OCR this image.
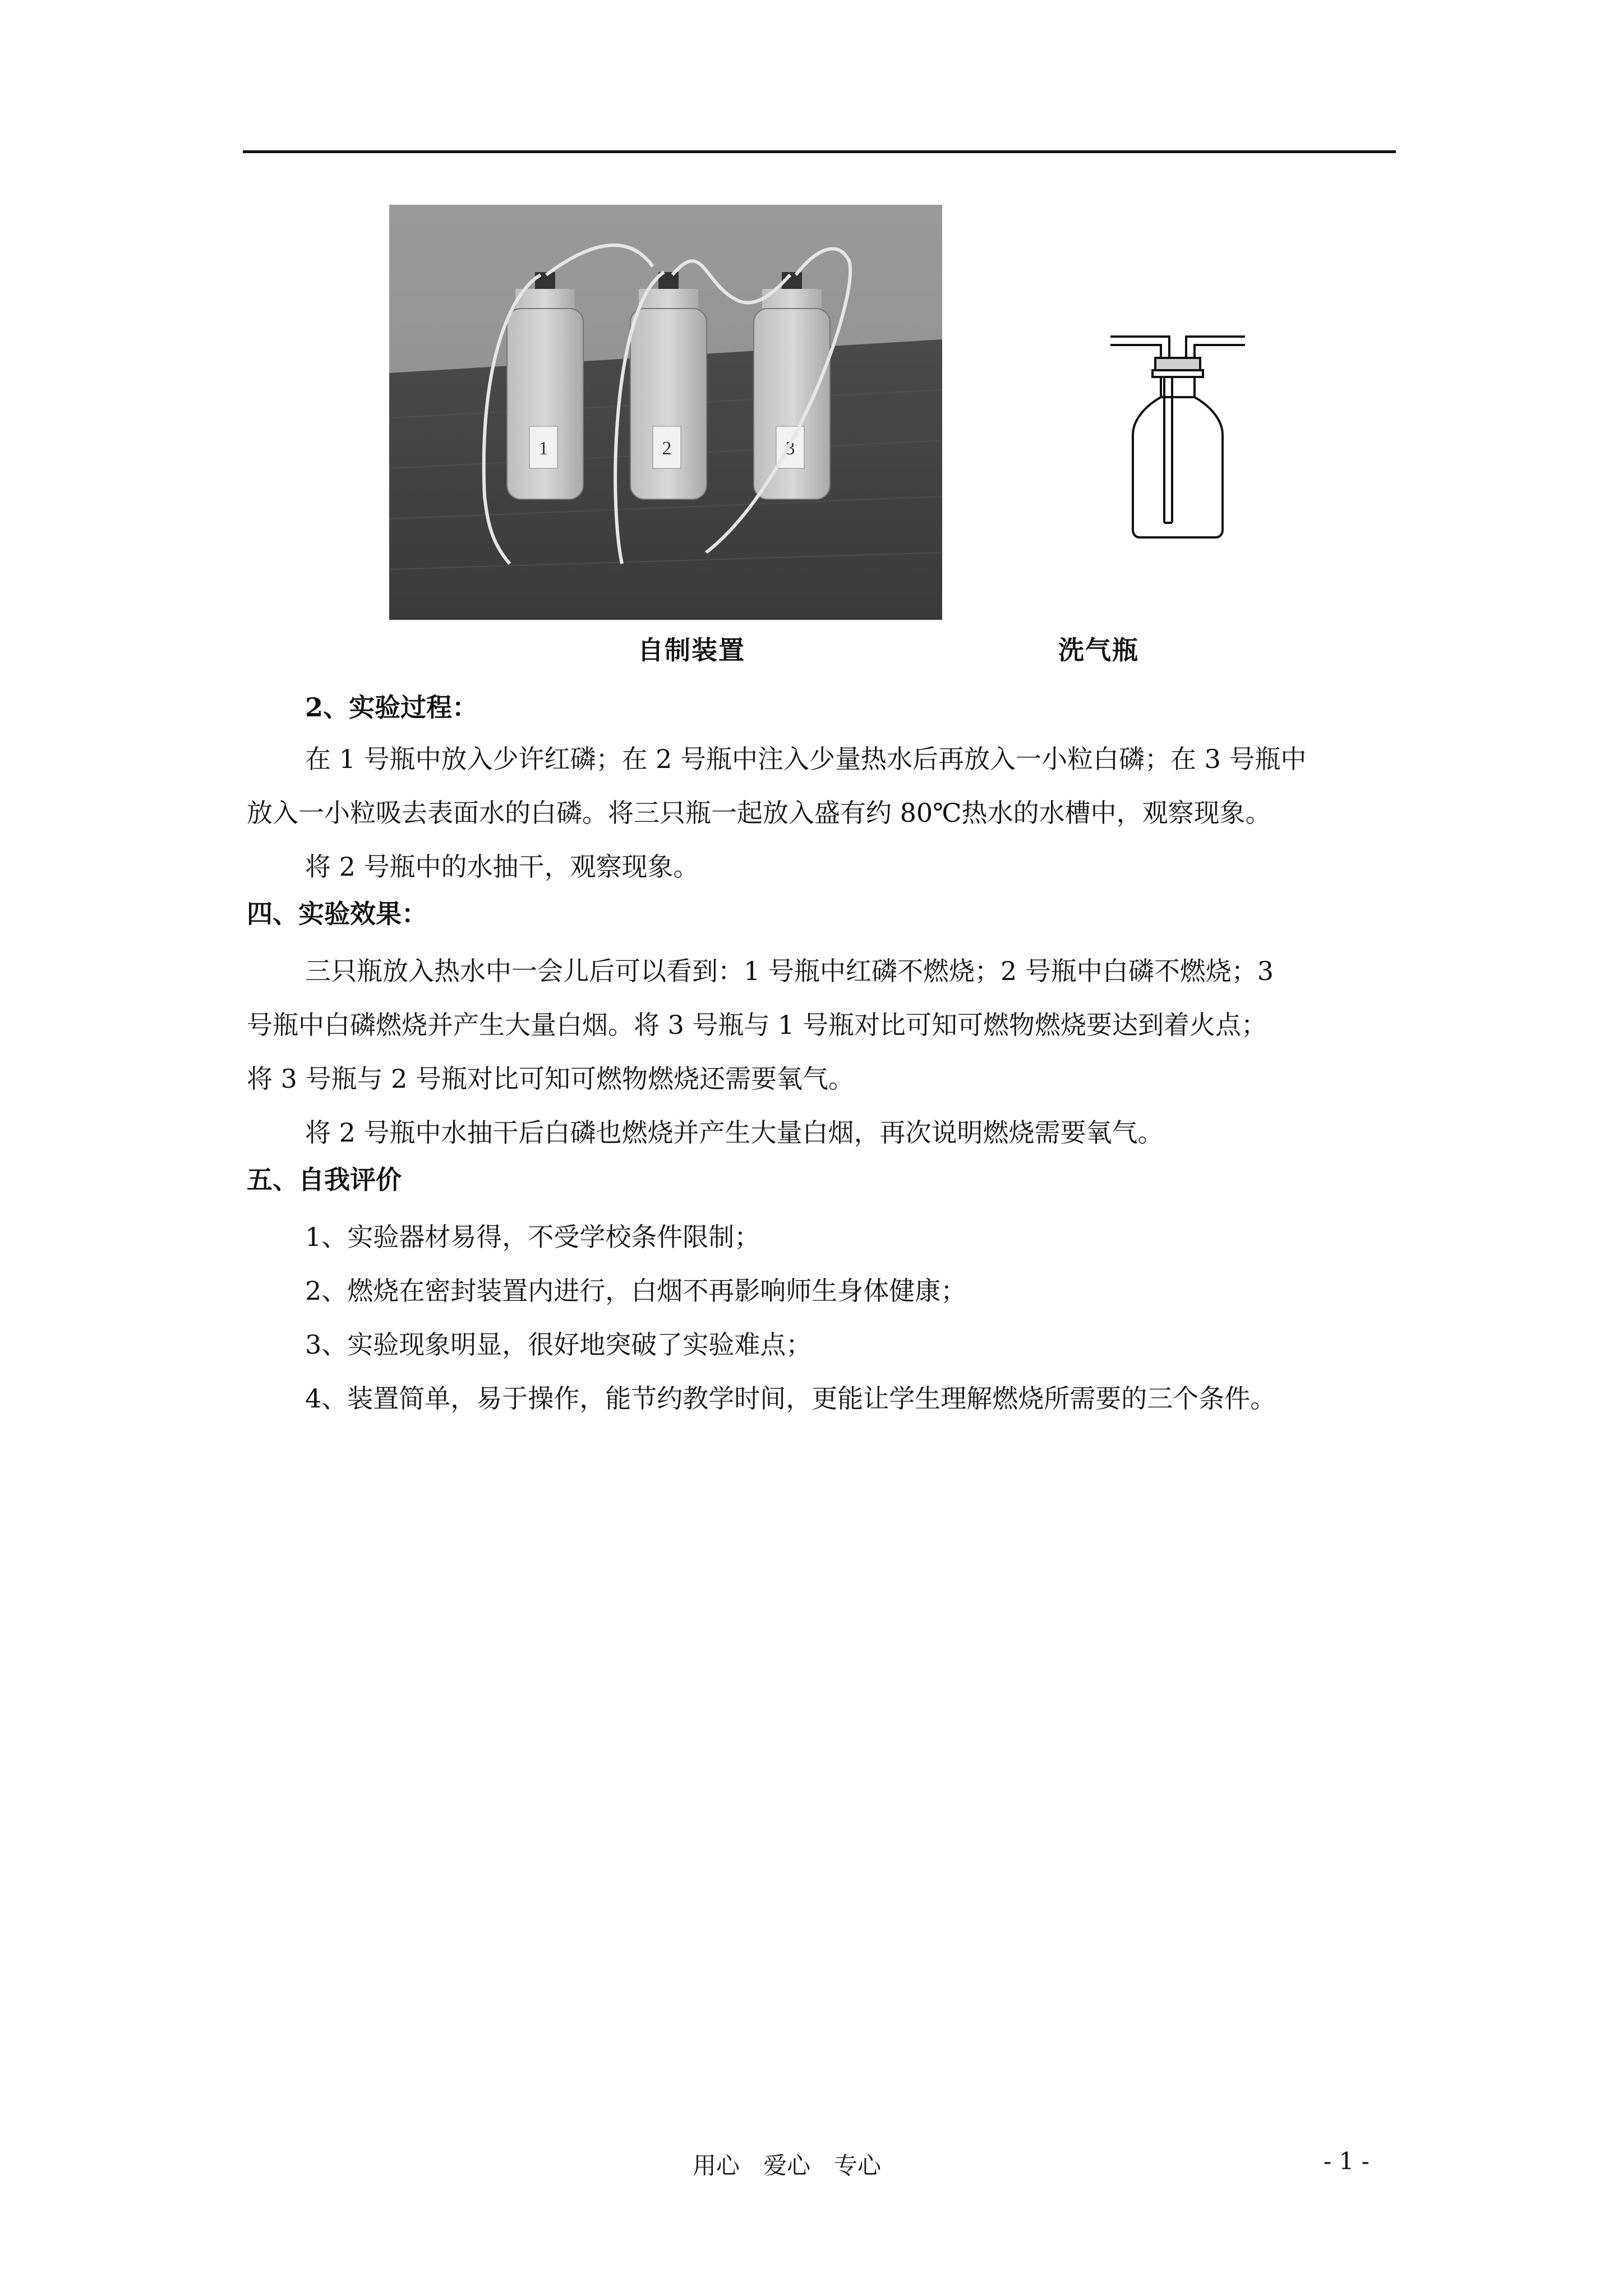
1	2	3
自制装置	洗气瓶
2、实验过程：

在 1 号瓶中放入少许红磷；在 2 号瓶中注入少量热水后再放入一小粒白磷；在 3 号瓶中

放入一小粒吸去表面水的白磷。将三只瓶一起放入盛有约 80℃热水的水槽中，观察现象。

将 2 号瓶中的水抽干，观察现象。

四、实验效果：

三只瓶放入热水中一会儿后可以看到：1 号瓶中红磷不燃烧；2 号瓶中白磷不燃烧；3

号瓶中白磷燃烧并产生大量白烟。将 3 号瓶与 1 号瓶对比可知可燃物燃烧要达到着火点；

将 3 号瓶与 2 号瓶对比可知可燃物燃烧还需要氧气。

将 2 号瓶中水抽干后白磷也燃烧并产生大量白烟，再次说明燃烧需要氧气。

五、自我评价

1、实验器材易得，不受学校条件限制；

2、燃烧在密封装置内进行，白烟不再影响师生身体健康；

3、实验现象明显，很好地突破了实验难点；

4、装置简单，易于操作，能节约教学时间，更能让学生理解燃烧所需要的三个条件。

用心　爱心　专心	- 1 -
